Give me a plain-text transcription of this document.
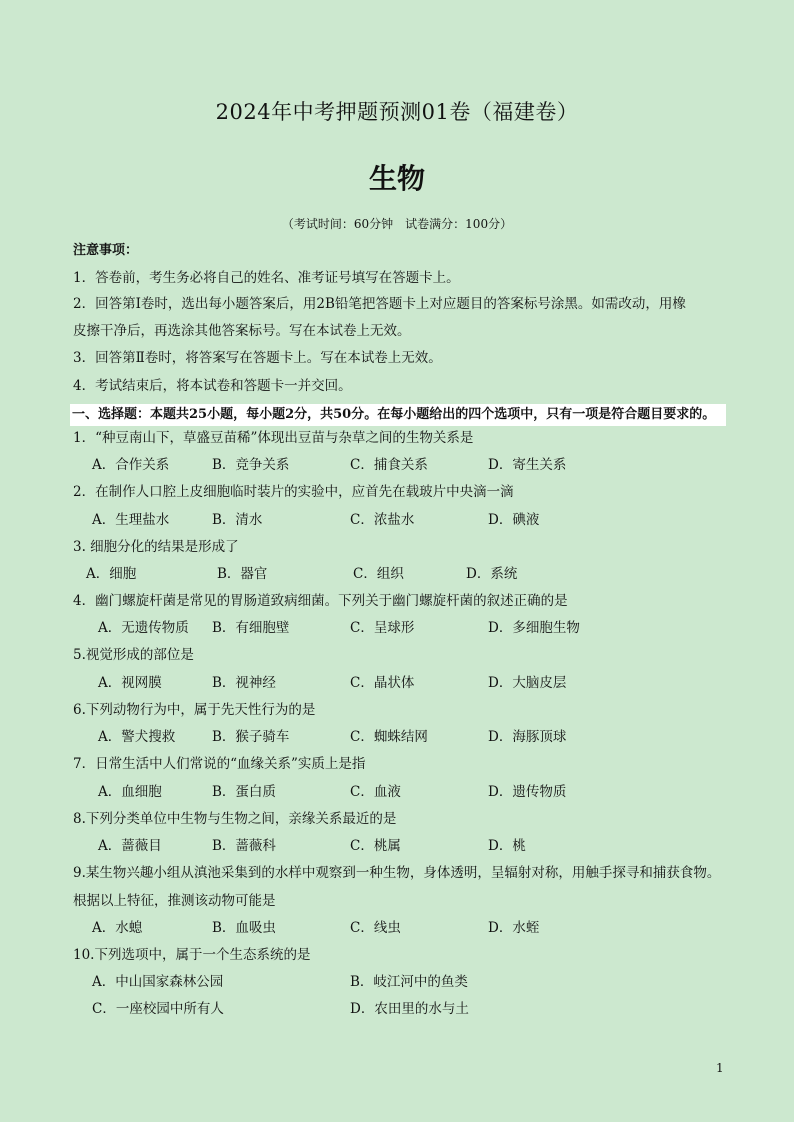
2024年中考押题预测01卷（福建卷）
生物
（考试时间：60分钟　试卷满分：100分）
注意事项：
1．答卷前，考生务必将自己的姓名、准考证号填写在答题卡上。
2．回答第Ⅰ卷时，选出每小题答案后，用2B铅笔把答题卡上对应题目的答案标号涂黑。如需改动，用橡
皮擦干净后，再选涂其他答案标号。写在本试卷上无效。
3．回答第Ⅱ卷时，将答案写在答题卡上。写在本试卷上无效。
4．考试结束后，将本试卷和答题卡一并交回。
一、选择题：本题共25小题，每小题2分，共50分。在每小题给出的四个选项中，只有一项是符合题目要求的。
1．“种豆南山下，草盛豆苗稀”体现出豆苗与杂草之间的生物关系是
A．合作关系	B．竞争关系	C．捕食关系	D．寄生关系
2．在制作人口腔上皮细胞临时装片的实验中，应首先在载玻片中央滴一滴
A．生理盐水	B．清水	C．浓盐水	D．碘液
3. 细胞分化的结果是形成了
A．细胞	B．器官	C．组织	D．系统
4．幽门螺旋杆菌是常见的胃肠道致病细菌。下列关于幽门螺旋杆菌的叙述正确的是
A．无遗传物质 B．有细胞壁	C．呈球形	D．多细胞生物
5.视觉形成的部位是
A．视网膜	B．视神经	C．晶状体	D．大脑皮层
6.下列动物行为中，属于先天性行为的是
A．警犬搜救	B．猴子骑车	C．蜘蛛结网	D．海豚顶球
7．日常生活中人们常说的“血缘关系”实质上是指
A．血细胞	B．蛋白质	C．血液	D．遗传物质
8.下列分类单位中生物与生物之间，亲缘关系最近的是
A．蔷薇目	B．蔷薇科	C．桃属	D．桃
9.某生物兴趣小组从滇池采集到的水样中观察到一种生物，身体透明，呈辐射对称，用触手探寻和捕获食物。
根据以上特征，推测该动物可能是
A．水螅	B．血吸虫	C．线虫	D．水蛭
10.下列选项中，属于一个生态系统的是
A．中山国家森林公园	B．岐江河中的鱼类
C．一座校园中所有人	D．农田里的水与土
1
